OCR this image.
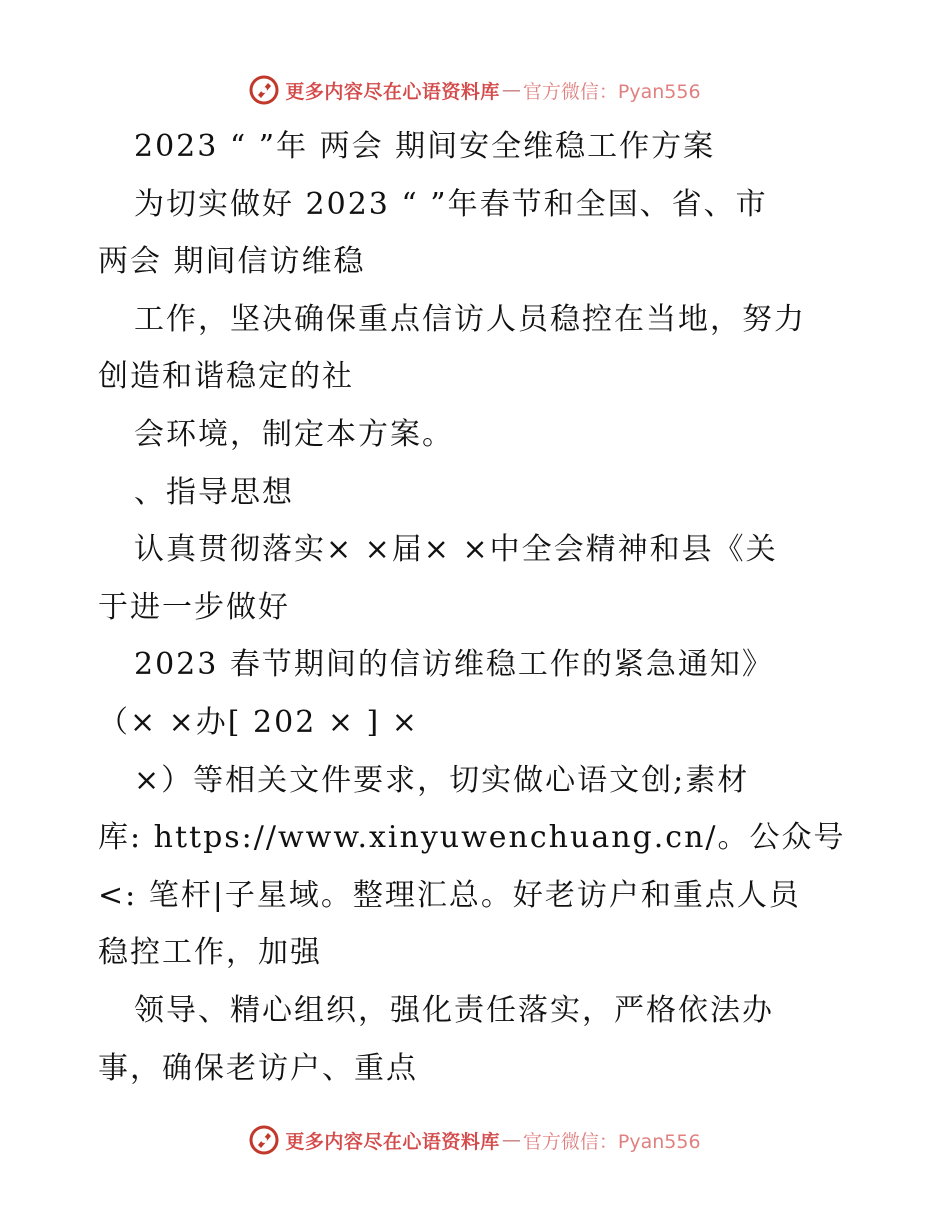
更多内容尽在心语资料库 — 官方微信：Pyan556
2023 “ ”年 两会 期间安全维稳工作方案
为切实做好 2023 “ ”年春节和全国、省、市
两会 期间信访维稳
工作，坚决确保重点信访人员稳控在当地，努力
创造和谐稳定的社
会环境，制定本方案。
、指导思想
认真贯彻落实× ×届× ×中全会精神和县《关
于进一步做好
2023 春节期间的信访维稳工作的紧急通知》
（× ×办[ 202 × ] ×
×）等相关文件要求，切实做心语文创;素材
库: https://www.xinyuwenchuang.cn/。公众号
<: 笔杆|子星域。整理汇总。好老访户和重点人员
稳控工作，加强
领导、精心组织，强化责任落实，严格依法办
事，确保老访户、重点
更多内容尽在心语资料库 — 官方微信：Pyan556
